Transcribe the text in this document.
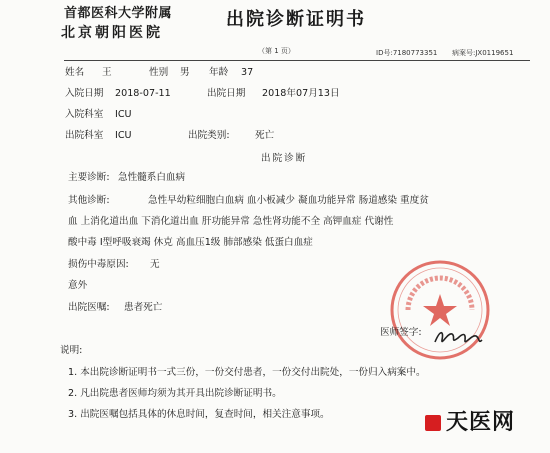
首都医科大学附属
北京朝阳医院
出院诊断证明书
（第 1 页）	ID号:7180773351 病案号:JX0119651
姓名 王	性别 男 年龄 37
入院日期 2018-07-11	出院日期 2018年07月13日
入院科室 ICU
出院科室 ICU	出院类别:	死亡
出院诊断
主要诊断: 急性髓系白血病
其他诊断:	急性早幼粒细胞白血病 血小板减少 凝血功能异常 肠道感染 重度贫
血 上消化道出血 下消化道出血 肝功能异常 急性肾功能不全 高钾血症 代谢性
酸中毒 I型呼吸衰竭 休克 高血压1级 肺部感染 低蛋白血症
损伤中毒原因: 无
意外
出院医嘱: 患者死亡
医师签字:
说明:
1. 本出院诊断证明书一式三份，一份交付患者，一份交付出院处，一份归入病案中。
2. 凡出院患者医师均须为其开具出院诊断证明书。
3. 出院医嘱包括具体的休息时间，复查时间，相关注意事项。	天医网
